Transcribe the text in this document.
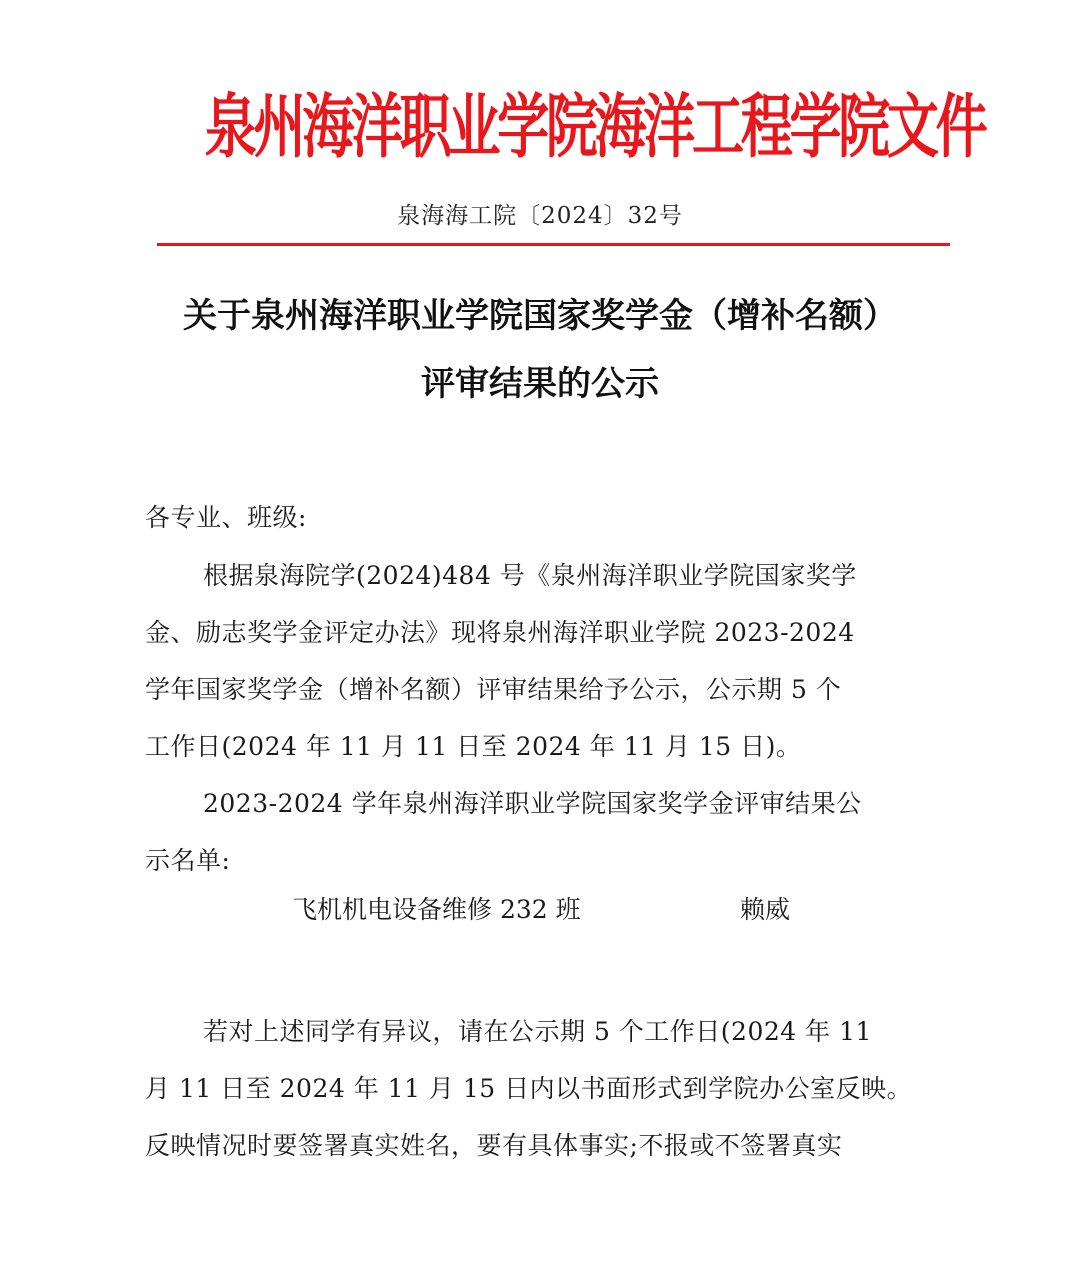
泉州海洋职业学院海洋工程学院文件
泉海海工院〔2024〕32号
关于泉州海洋职业学院国家奖学金（增补名额）
评审结果的公示
各专业、班级:
根据泉海院学(2024)484 号《泉州海洋职业学院国家奖学
金、励志奖学金评定办法》现将泉州海洋职业学院 2023-2024
学年国家奖学金（增补名额）评审结果给予公示，公示期 5 个
工作日(2024 年 11 月 11 日至 2024 年 11 月 15 日)。
2023-2024 学年泉州海洋职业学院国家奖学金评审结果公
示名单:
若对上述同学有异议，请在公示期 5 个工作日(2024 年 11
月 11 日至 2024 年 11 月 15 日内以书面形式到学院办公室反映。
反映情况时要签署真实姓名，要有具体事实;不报或不签署真实
飞机机电设备维修 232 班	赖威
